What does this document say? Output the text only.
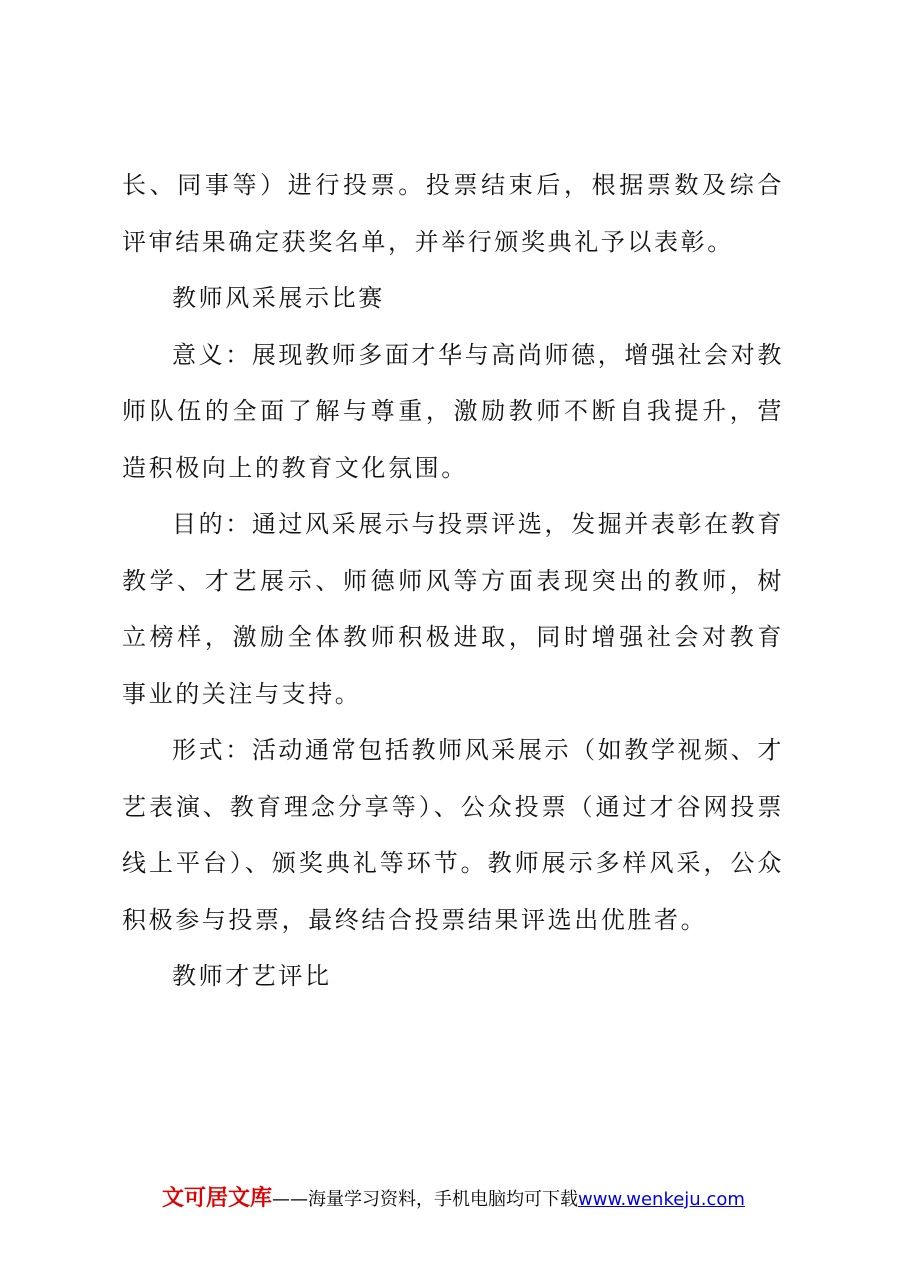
长、同事等）进行投票。投票结束后，根据票数及综合评审结果确定获奖名单，并举行颁奖典礼予以表彰。

教师风采展示比赛

意义：展现教师多面才华与高尚师德，增强社会对教师队伍的全面了解与尊重，激励教师不断自我提升，营造积极向上的教育文化氛围。

目的：通过风采展示与投票评选，发掘并表彰在教育教学、才艺展示、师德师风等方面表现突出的教师，树立榜样，激励全体教师积极进取，同时增强社会对教育事业的关注与支持。

形式：活动通常包括教师风采展示（如教学视频、才艺表演、教育理念分享等）、公众投票（通过才谷网投票线上平台）、颁奖典礼等环节。教师展示多样风采，公众积极参与投票，最终结合投票结果评选出优胜者。

教师才艺评比

文可居文库——海量学习资料，手机电脑均可下载www.wenkeju.com
